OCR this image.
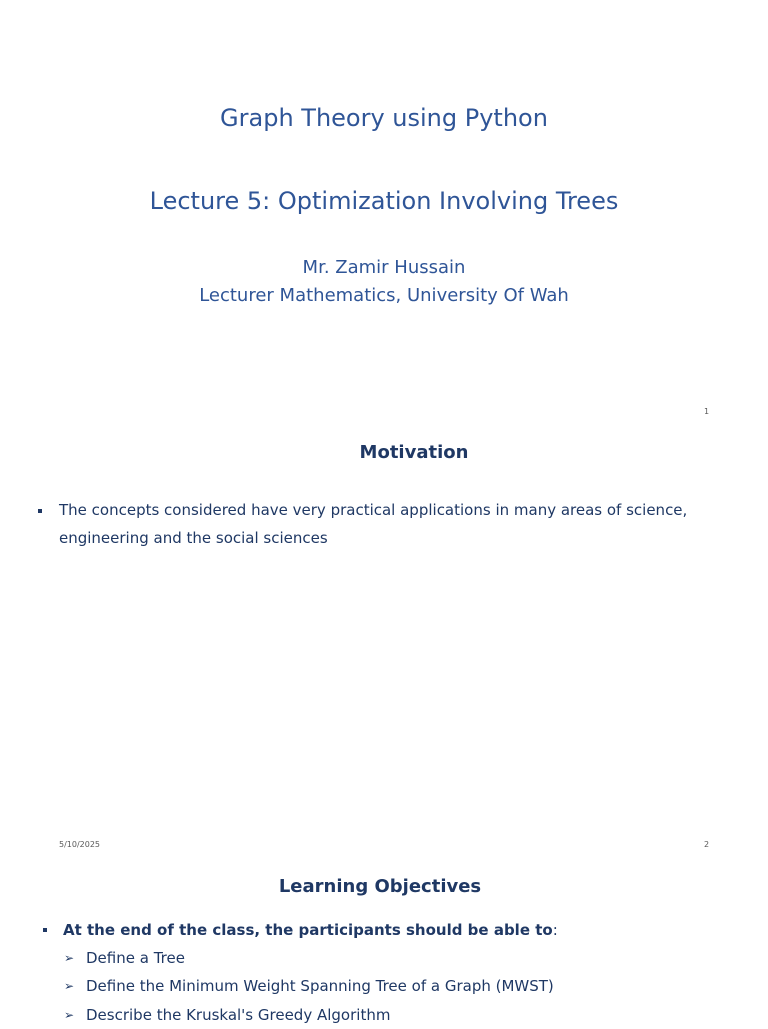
Graph Theory using Python
Lecture 5: Optimization Involving Trees
Mr. Zamir Hussain
Lecturer Mathematics, University Of Wah
1
Motivation
The concepts considered have very practical applications in many areas of science,
engineering and the social sciences
5/10/2025	2
Learning Objectives
At the end of the class, the participants should be able to:
➢ Define a Tree
➢ Define the Minimum Weight Spanning Tree of a Graph (MWST)
➢ Describe the Kruskal's Greedy Algorithm
